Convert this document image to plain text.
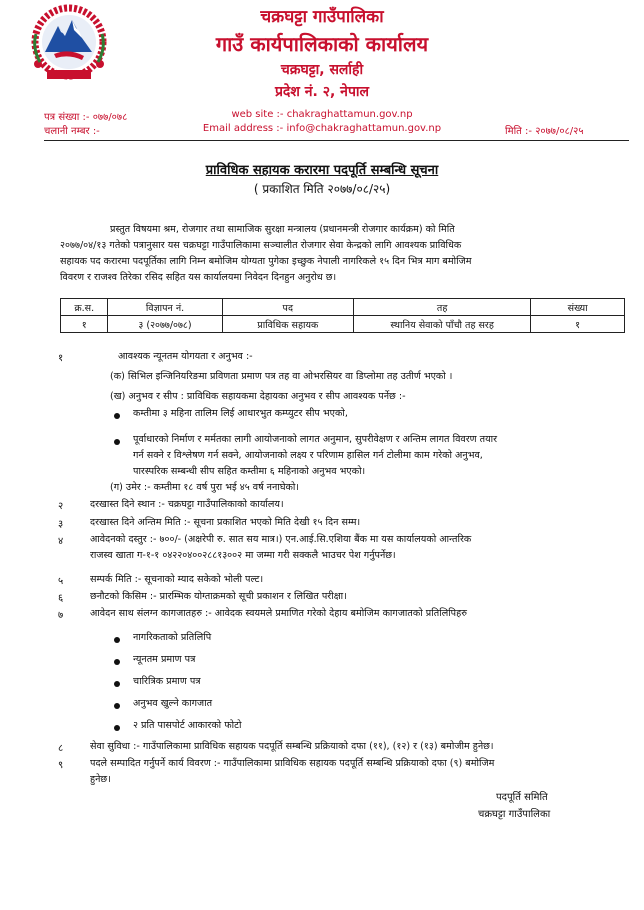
चक्रघट्टा गाउँपालिका
गाउँ कार्यपालिकाको कार्यालय
चक्रघट्टा, सर्लाही
प्रदेश नं. २, नेपाल
पत्र संख्या :- ०७७/०७८
चलानी नम्बर :-
web site :- chakraghattamun.gov.np
Email address :- info@chakraghattamun.gov.np	मिति :- २०७७/०८/२५
प्राविधिक सहायक करारमा पदपूर्ति सम्बन्धि सूचना
( प्रकाशित मिति २०७७/०८/२५)
प्रस्तुत विषयमा श्रम, रोजगार तथा सामाजिक सुरक्षा मन्त्रालय (प्रधानमन्त्री रोजगार कार्यक्रम) को मिति
२०७७/०४/१३ गतेको पत्रानुसार यस चक्रघट्टा गाउँपालिकामा सञ्चालीत रोजगार सेवा केन्द्रको लागि आवश्यक प्राविधिक
सहायक पद करारमा पदपूर्तिका लागि निम्न बमोजिम योग्यता पुगेका इच्छुक नेपाली नागरिकले १५ दिन भित्र माग बमोजिम
विवरण र राजश्व तिरेका रसिद सहित यस कार्यालयमा निवेदन दिनहुन अनुरोध छ।
क्र.स.	विज्ञापन नं.	पद	तह	संख्या
१	३ (२०७७/०७८)	प्राविधिक सहायक	स्थानिय सेवाको पाँचौ तह सरह	१
१	आवश्यक न्यूनतम योगयता र अनुभव :-
(क) सिभिल इन्जिनियरिङमा प्रविणता प्रमाण पत्र तह वा ओभरसियर वा डिप्लोमा तह उतीर्ण भएको ।
(ख) अनुभव र सीप : प्राविधिक सहायकमा देहायका अनुभव र सीप आवश्यक पर्नेछ :-
कम्तीमा ३ महिना तालिम लिई आधारभुत कम्प्युटर सीप भएको,
पूर्वाधारको निर्माण र मर्मतका लागी आयोजनाको लागत अनुमान, सुपरीवेक्षण र अन्तिम लागत विवरण तयार
गर्न सक्ने र विश्लेषण गर्न सक्ने, आयोजनाको लक्ष्य र परिणाम हासिल गर्न टोलीमा काम गरेको अनुभव,
पारस्परिक सम्बन्धी सीप सहित कम्तीमा ६ महिनाको अनुभव भएको।
(ग) उमेर :- कम्तीमा १८ वर्ष पुरा भई ४५ वर्ष ननाघेको।
२	दरखास्त दिने स्थान :- चक्रघट्टा गाउँपालिकाको कार्यालय।
३	दरखास्त दिने अन्तिम मिति :- सूचना प्रकाशित भएको मिति देखी १५ दिन सम्म।
४	आवेदनको दस्तुर :- ७००/- (अक्षरेपी रु. सात सय मात्र।) एन.आई.सि.एशिया बैंक मा यस कार्यालयको आन्तरिक
राजस्व खाता ग-१-१ ०४२२०४००२८८१३००२ मा जम्मा गरी सक्कलै भाउचर पेश गर्नुपर्नेछ।
५	सम्पर्क मिति :- सूचनाको म्याद सकेको भोली पल्ट।
६	छनौटको किसिम :- प्रारम्भिक योग्ताक्रमको सूची प्रकाशन र लिखित परीक्षा।
७	आवेदन साथ संलग्न कागजातहरु :- आवेदक स्वयमले प्रमाणित गरेको देहाय बमोजिम कागजातको प्रतिलिपिहरु
नागरिकताको प्रतिलिपि
न्यूनतम प्रमाण पत्र
चारित्रिक प्रमाण पत्र
अनुभव खुल्ने कागजात
२ प्रति पासपोर्ट आकारको फोटो
८	सेवा सुविधा :- गाउँपालिकामा प्राविधिक सहायक पदपूर्ति सम्बन्धि प्रक्रियाको दफा (११), (१२) र (१३) बमोजीम हुनेछ।
९	पदले सम्पादित गर्नुपर्ने कार्य विवरण :- गाउँपालिकामा प्राविधिक सहायक पदपूर्ति सम्बन्धि प्रक्रियाको दफा (९) बमोजिम
हुनेछ।
पदपूर्ति समिति
चक्रघट्टा गाउँपालिका
